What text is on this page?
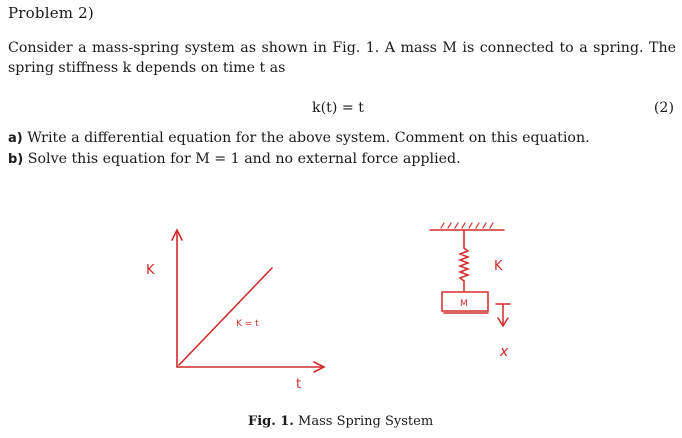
Problem 2)
Consider a mass-spring system as shown in Fig. 1. A mass M is connected to a spring. The
spring stiffness k depends on time t as
k(t) = t	(2)
a) Write a differential equation for the above system. Comment on this equation.
b) Solve this equation for M = 1 and no external force applied.
K
t
K = t
K
M
x
Fig. 1. Mass Spring System
